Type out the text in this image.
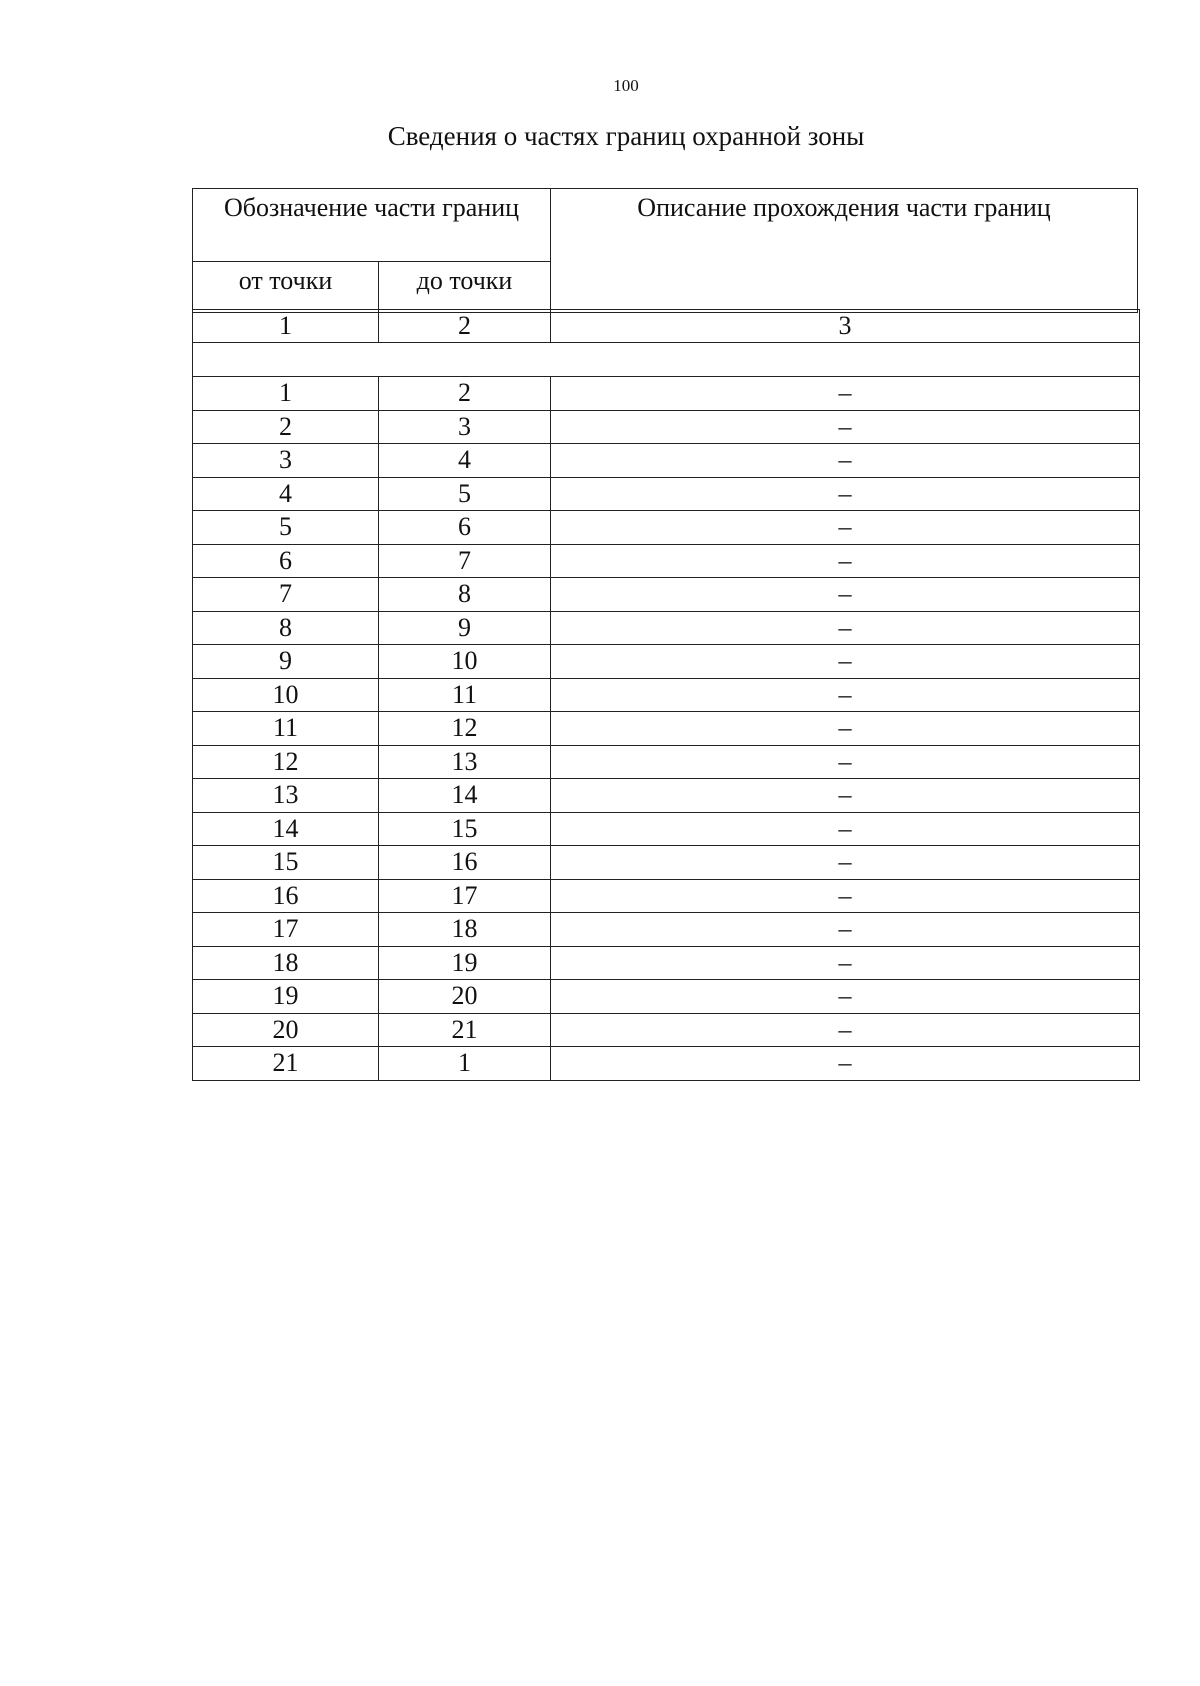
100
Сведения о частях границ охранной зоны
Обозначение части границ		Описание прохождения части границ
от точки	до точки	
1	2	3

1	2	–
2	3	–
3	4	–
4	5	–
5	6	–
6	7	–
7	8	–
8	9	–
9	10	–
10	11	–
11	12	–
12	13	–
13	14	–
14	15	–
15	16	–
16	17	–
17	18	–
18	19	–
19	20	–
20	21	–
21	1	–
